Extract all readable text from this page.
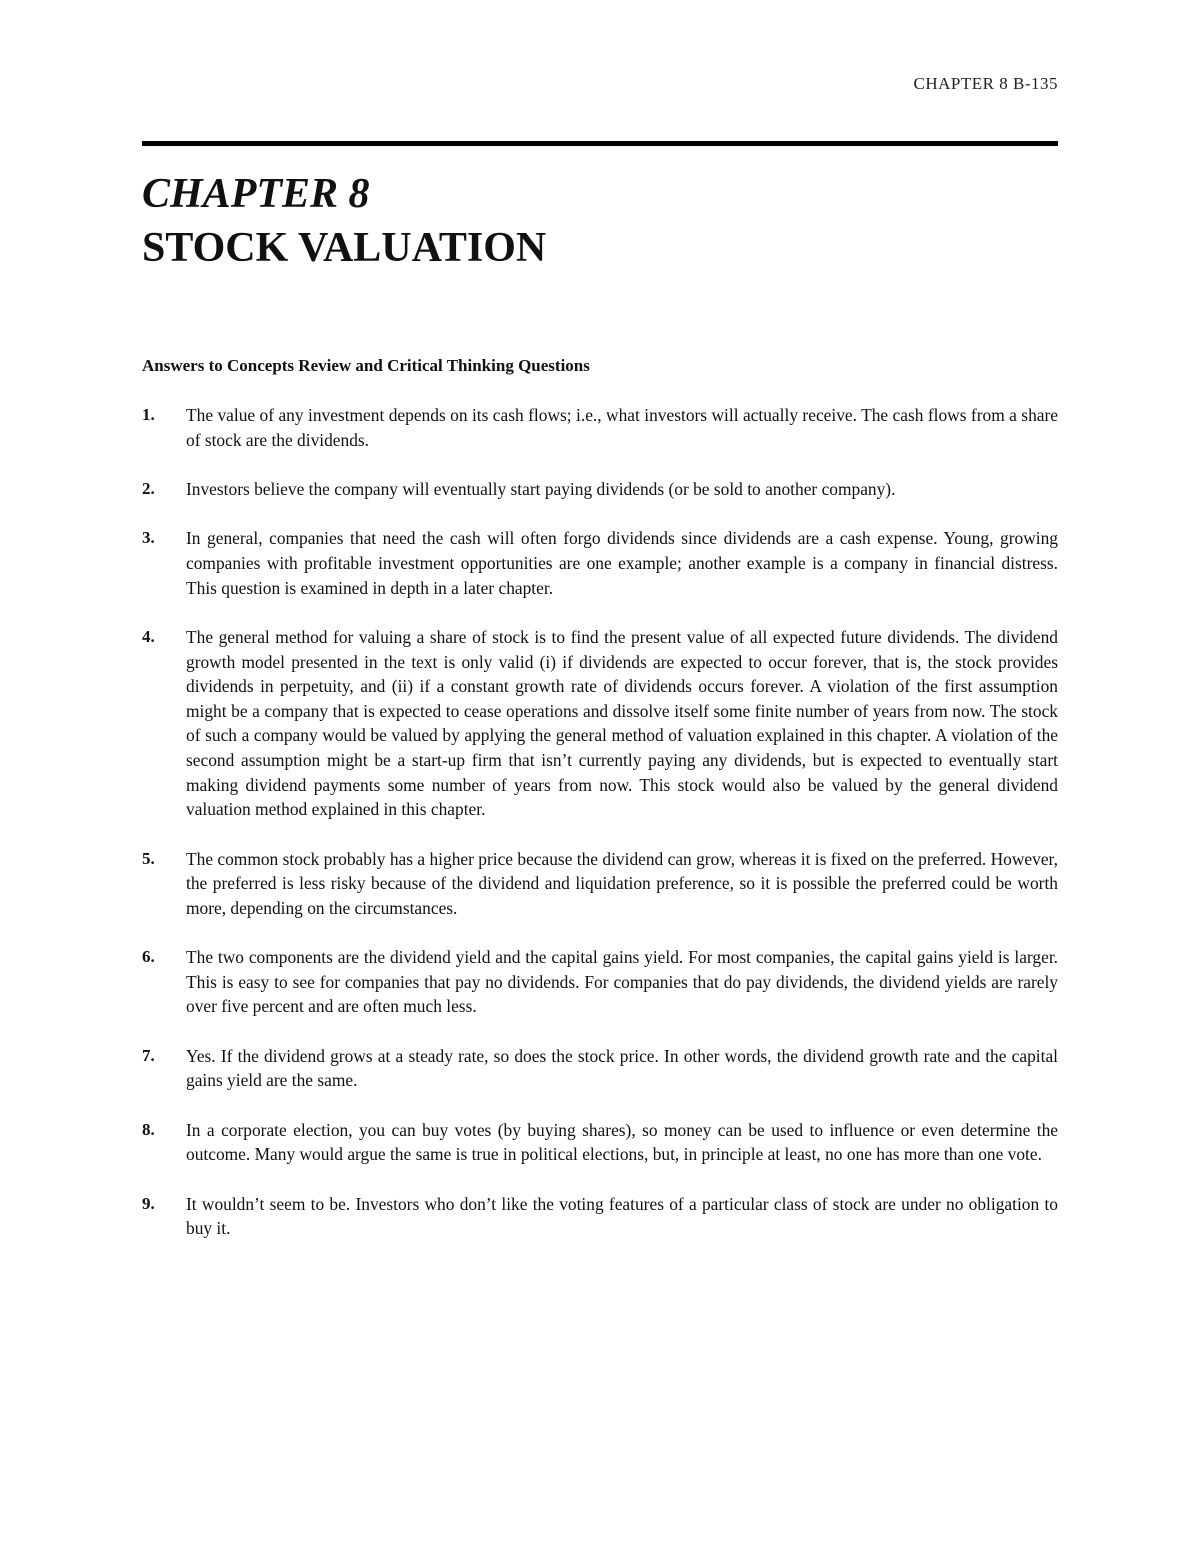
CHAPTER 8 B-135
CHAPTER 8
STOCK VALUATION
Answers to Concepts Review and Critical Thinking Questions
1.	The value of any investment depends on its cash flows; i.e., what investors will actually receive. The cash flows from a share of stock are the dividends.

2.	Investors believe the company will eventually start paying dividends (or be sold to another company).

3.	In general, companies that need the cash will often forgo dividends since dividends are a cash expense. Young, growing companies with profitable investment opportunities are one example; another example is a company in financial distress. This question is examined in depth in a later chapter.

4.	The general method for valuing a share of stock is to find the present value of all expected future dividends. The dividend growth model presented in the text is only valid (i) if dividends are expected to occur forever, that is, the stock provides dividends in perpetuity, and (ii) if a constant growth rate of dividends occurs forever. A violation of the first assumption might be a company that is expected to cease operations and dissolve itself some finite number of years from now. The stock of such a company would be valued by applying the general method of valuation explained in this chapter. A violation of the second assumption might be a start-up firm that isn’t currently paying any dividends, but is expected to eventually start making dividend payments some number of years from now. This stock would also be valued by the general dividend valuation method explained in this chapter.

5.	The common stock probably has a higher price because the dividend can grow, whereas it is fixed on the preferred. However, the preferred is less risky because of the dividend and liquidation preference, so it is possible the preferred could be worth more, depending on the circumstances.

6.	The two components are the dividend yield and the capital gains yield. For most companies, the capital gains yield is larger. This is easy to see for companies that pay no dividends. For companies that do pay dividends, the dividend yields are rarely over five percent and are often much less.

7.	Yes. If the dividend grows at a steady rate, so does the stock price. In other words, the dividend growth rate and the capital gains yield are the same.

8.	In a corporate election, you can buy votes (by buying shares), so money can be used to influence or even determine the outcome. Many would argue the same is true in political elections, but, in principle at least, no one has more than one vote.

9.	It wouldn’t seem to be. Investors who don’t like the voting features of a particular class of stock are under no obligation to buy it.
